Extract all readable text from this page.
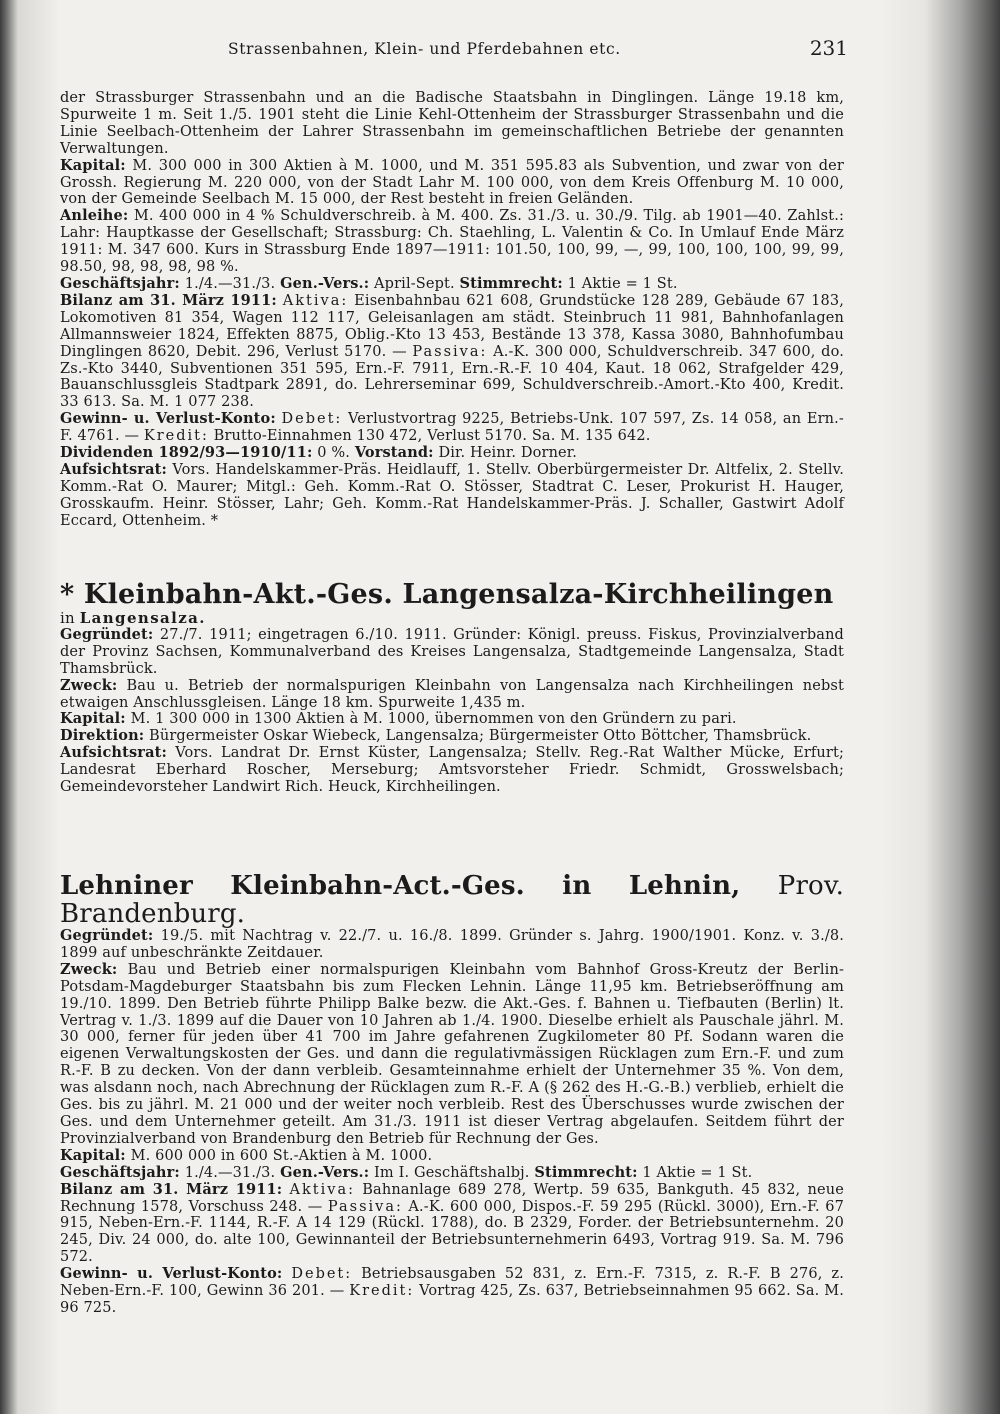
Strassenbahnen, Klein- und Pferdebahnen etc.	231

der Strassburger Strassenbahn und an die Badische Staatsbahn in Dinglingen. Länge 19.18 km, Spurweite 1 m. Seit 1./5. 1901 steht die Linie Kehl-Ottenheim der Strassburger Strassenbahn und die Linie Seelbach-Ottenheim der Lahrer Strassenbahn im gemeinschaftlichen Betriebe der genannten Verwaltungen.

Kapital: M. 300 000 in 300 Aktien à M. 1000, und M. 351 595.83 als Subvention, und zwar von der Grossh. Regierung M. 220 000, von der Stadt Lahr M. 100 000, von dem Kreis Offenburg M. 10 000, von der Gemeinde Seelbach M. 15 000, der Rest besteht in freien Geländen.

Anleihe: M. 400 000 in 4 % Schuldverschreib. à M. 400. Zs. 31./3. u. 30./9. Tilg. ab 1901—40. Zahlst.: Lahr: Hauptkasse der Gesellschaft; Strassburg: Ch. Staehling, L. Valentin & Co. In Umlauf Ende März 1911: M. 347 600. Kurs in Strassburg Ende 1897—1911: 101.50, 100, 99, —, 99, 100, 100, 100, 99, 99, 98.50, 98, 98, 98, 98 %.

Geschäftsjahr: 1./4.—31./3. Gen.-Vers.: April-Sept. Stimmrecht: 1 Aktie = 1 St.

Bilanz am 31. März 1911: Aktiva: Eisenbahnbau 621 608, Grundstücke 128 289, Gebäude 67 183, Lokomotiven 81 354, Wagen 112 117, Geleisanlagen am städt. Steinbruch 11 981, Bahnhofanlagen Allmannsweier 1824, Effekten 8875, Oblig.-Kto 13 453, Bestände 13 378, Kassa 3080, Bahnhofumbau Dinglingen 8620, Debit. 296, Verlust 5170. — Passiva: A.-K. 300 000, Schuldverschreib. 347 600, do. Zs.-Kto 3440, Subventionen 351 595, Ern.-F. 7911, Ern.-R.-F. 10 404, Kaut. 18 062, Strafgelder 429, Bauanschlussgleis Stadtpark 2891, do. Lehrerseminar 699, Schuldverschreib.-Amort.-Kto 400, Kredit. 33 613. Sa. M. 1 077 238.

Gewinn- u. Verlust-Konto: Debet: Verlustvortrag 9225, Betriebs-Unk. 107 597, Zs. 14 058, an Ern.-F. 4761. — Kredit: Brutto-Einnahmen 130 472, Verlust 5170. Sa. M. 135 642.

Dividenden 1892/93—1910/11: 0 %. Vorstand: Dir. Heinr. Dorner.

Aufsichtsrat: Vors. Handelskammer-Präs. Heidlauff, 1. Stellv. Oberbürgermeister Dr. Altfelix, 2. Stellv. Komm.-Rat O. Maurer; Mitgl.: Geh. Komm.-Rat O. Stösser, Stadtrat C. Leser, Prokurist H. Hauger, Grosskaufm. Heinr. Stösser, Lahr; Geh. Komm.-Rat Handelskammer-Präs. J. Schaller, Gastwirt Adolf Eccard, Ottenheim. *

* Kleinbahn-Akt.-Ges. Langensalza-Kirchheilingen

in Langensalza.

Gegründet: 27./7. 1911; eingetragen 6./10. 1911. Gründer: Königl. preuss. Fiskus, Provinzialverband der Provinz Sachsen, Kommunalverband des Kreises Langensalza, Stadtgemeinde Langensalza, Stadt Thamsbrück.

Zweck: Bau u. Betrieb der normalspurigen Kleinbahn von Langensalza nach Kirchheilingen nebst etwaigen Anschlussgleisen. Länge 18 km. Spurweite 1,435 m.

Kapital: M. 1 300 000 in 1300 Aktien à M. 1000, übernommen von den Gründern zu pari.

Direktion: Bürgermeister Oskar Wiebeck, Langensalza; Bürgermeister Otto Böttcher, Thamsbrück.

Aufsichtsrat: Vors. Landrat Dr. Ernst Küster, Langensalza; Stellv. Reg.-Rat Walther Mücke, Erfurt; Landesrat Eberhard Roscher, Merseburg; Amtsvorsteher Friedr. Schmidt, Grosswelsbach; Gemeindevorsteher Landwirt Rich. Heuck, Kirchheilingen.

Lehniner Kleinbahn-Act.-Ges. in Lehnin, Prov. Brandenburg.

Gegründet: 19./5. mit Nachtrag v. 22./7. u. 16./8. 1899. Gründer s. Jahrg. 1900/1901. Konz. v. 3./8. 1899 auf unbeschränkte Zeitdauer.

Zweck: Bau und Betrieb einer normalspurigen Kleinbahn vom Bahnhof Gross-Kreutz der Berlin-Potsdam-Magdeburger Staatsbahn bis zum Flecken Lehnin. Länge 11,95 km. Betriebseröffnung am 19./10. 1899. Den Betrieb führte Philipp Balke bezw. die Akt.-Ges. f. Bahnen u. Tiefbauten (Berlin) lt. Vertrag v. 1./3. 1899 auf die Dauer von 10 Jahren ab 1./4. 1900. Dieselbe erhielt als Pauschale jährl. M. 30 000, ferner für jeden über 41 700 im Jahre gefahrenen Zugkilometer 80 Pf. Sodann waren die eigenen Verwaltungskosten der Ges. und dann die regulativmässigen Rücklagen zum Ern.-F. und zum R.-F. B zu decken. Von der dann verbleib. Gesamteinnahme erhielt der Unternehmer 35 %. Von dem, was alsdann noch, nach Abrechnung der Rücklagen zum R.-F. A (§ 262 des H.-G.-B.) verblieb, erhielt die Ges. bis zu jährl. M. 21 000 und der weiter noch verbleib. Rest des Überschusses wurde zwischen der Ges. und dem Unternehmer geteilt. Am 31./3. 1911 ist dieser Vertrag abgelaufen. Seitdem führt der Provinzialverband von Brandenburg den Betrieb für Rechnung der Ges.

Kapital: M. 600 000 in 600 St.-Aktien à M. 1000.

Geschäftsjahr: 1./4.—31./3. Gen.-Vers.: Im I. Geschäftshalbj. Stimmrecht: 1 Aktie = 1 St.

Bilanz am 31. März 1911: Aktiva: Bahnanlage 689 278, Wertp. 59 635, Bankguth. 45 832, neue Rechnung 1578, Vorschuss 248. — Passiva: A.-K. 600 000, Dispos.-F. 59 295 (Rückl. 3000), Ern.-F. 67 915, Neben-Ern.-F. 1144, R.-F. A 14 129 (Rückl. 1788), do. B 2329, Forder. der Betriebsunternehm. 20 245, Div. 24 000, do. alte 100, Gewinnanteil der Betriebsunternehmerin 6493, Vortrag 919. Sa. M. 796 572.

Gewinn- u. Verlust-Konto: Debet: Betriebsausgaben 52 831, z. Ern.-F. 7315, z. R.-F. B 276, z. Neben-Ern.-F. 100, Gewinn 36 201. — Kredit: Vortrag 425, Zs. 637, Betriebseinnahmen 95 662. Sa. M. 96 725.
